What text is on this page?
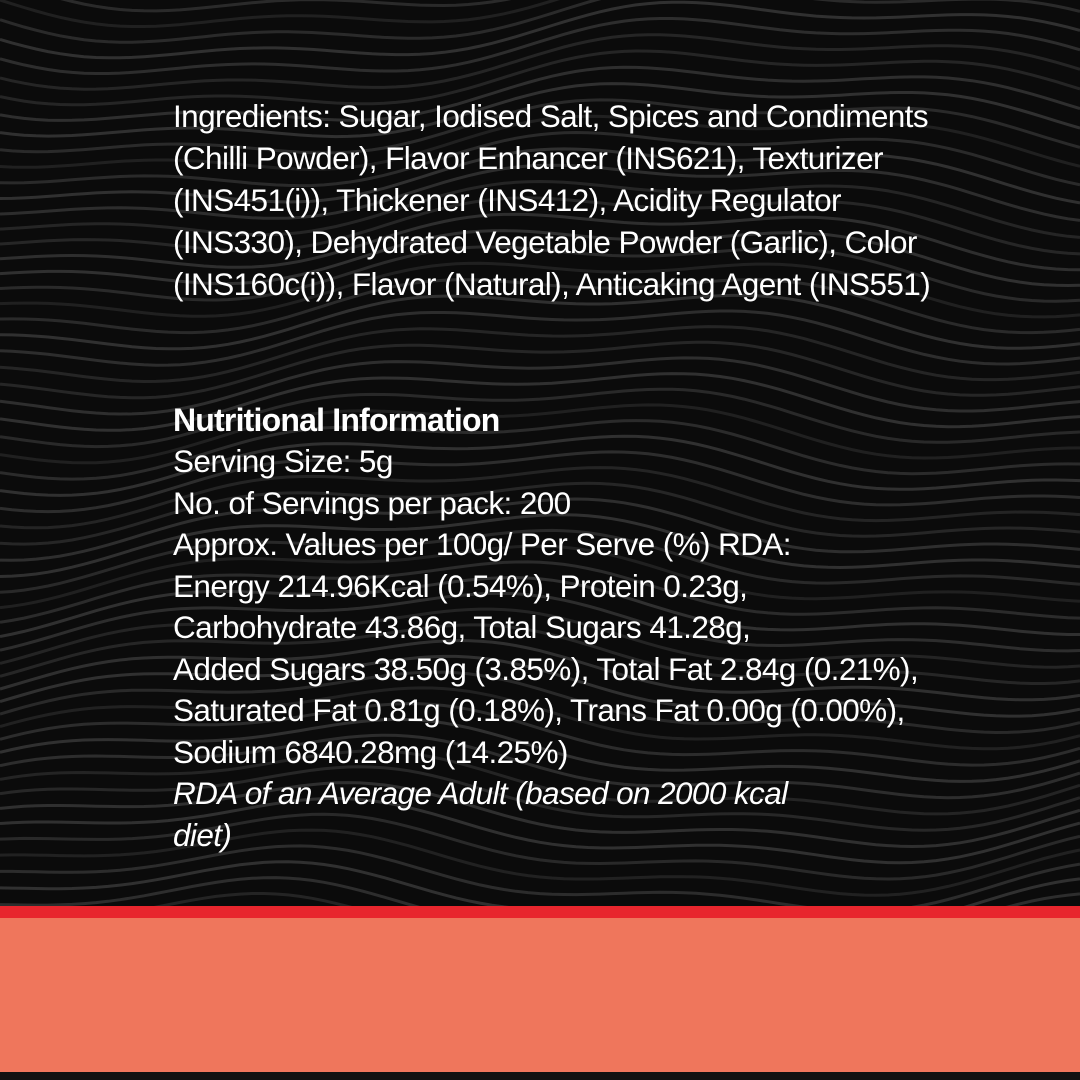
Ingredients: Sugar, Iodised Salt, Spices and Condiments (Chilli Powder), Flavor Enhancer (INS621), Texturizer (INS451(i)), Thickener (INS412), Acidity Regulator (INS330), Dehydrated Vegetable Powder (Garlic), Color (INS160c(i)), Flavor (Natural), Anticaking Agent (INS551)

Nutritional Information

Serving Size: 5g

No. of Servings per pack: 200

Approx. Values per 100g/ Per Serve (%) RDA:

Energy 214.96Kcal (0.54%), Protein 0.23g,

Carbohydrate 43.86g, Total Sugars 41.28g,

Added Sugars 38.50g (3.85%), Total Fat 2.84g (0.21%),

Saturated Fat 0.81g (0.18%), Trans Fat 0.00g (0.00%),

Sodium 6840.28mg (14.25%)

RDA of an Average Adult (based on 2000 kcal diet)
